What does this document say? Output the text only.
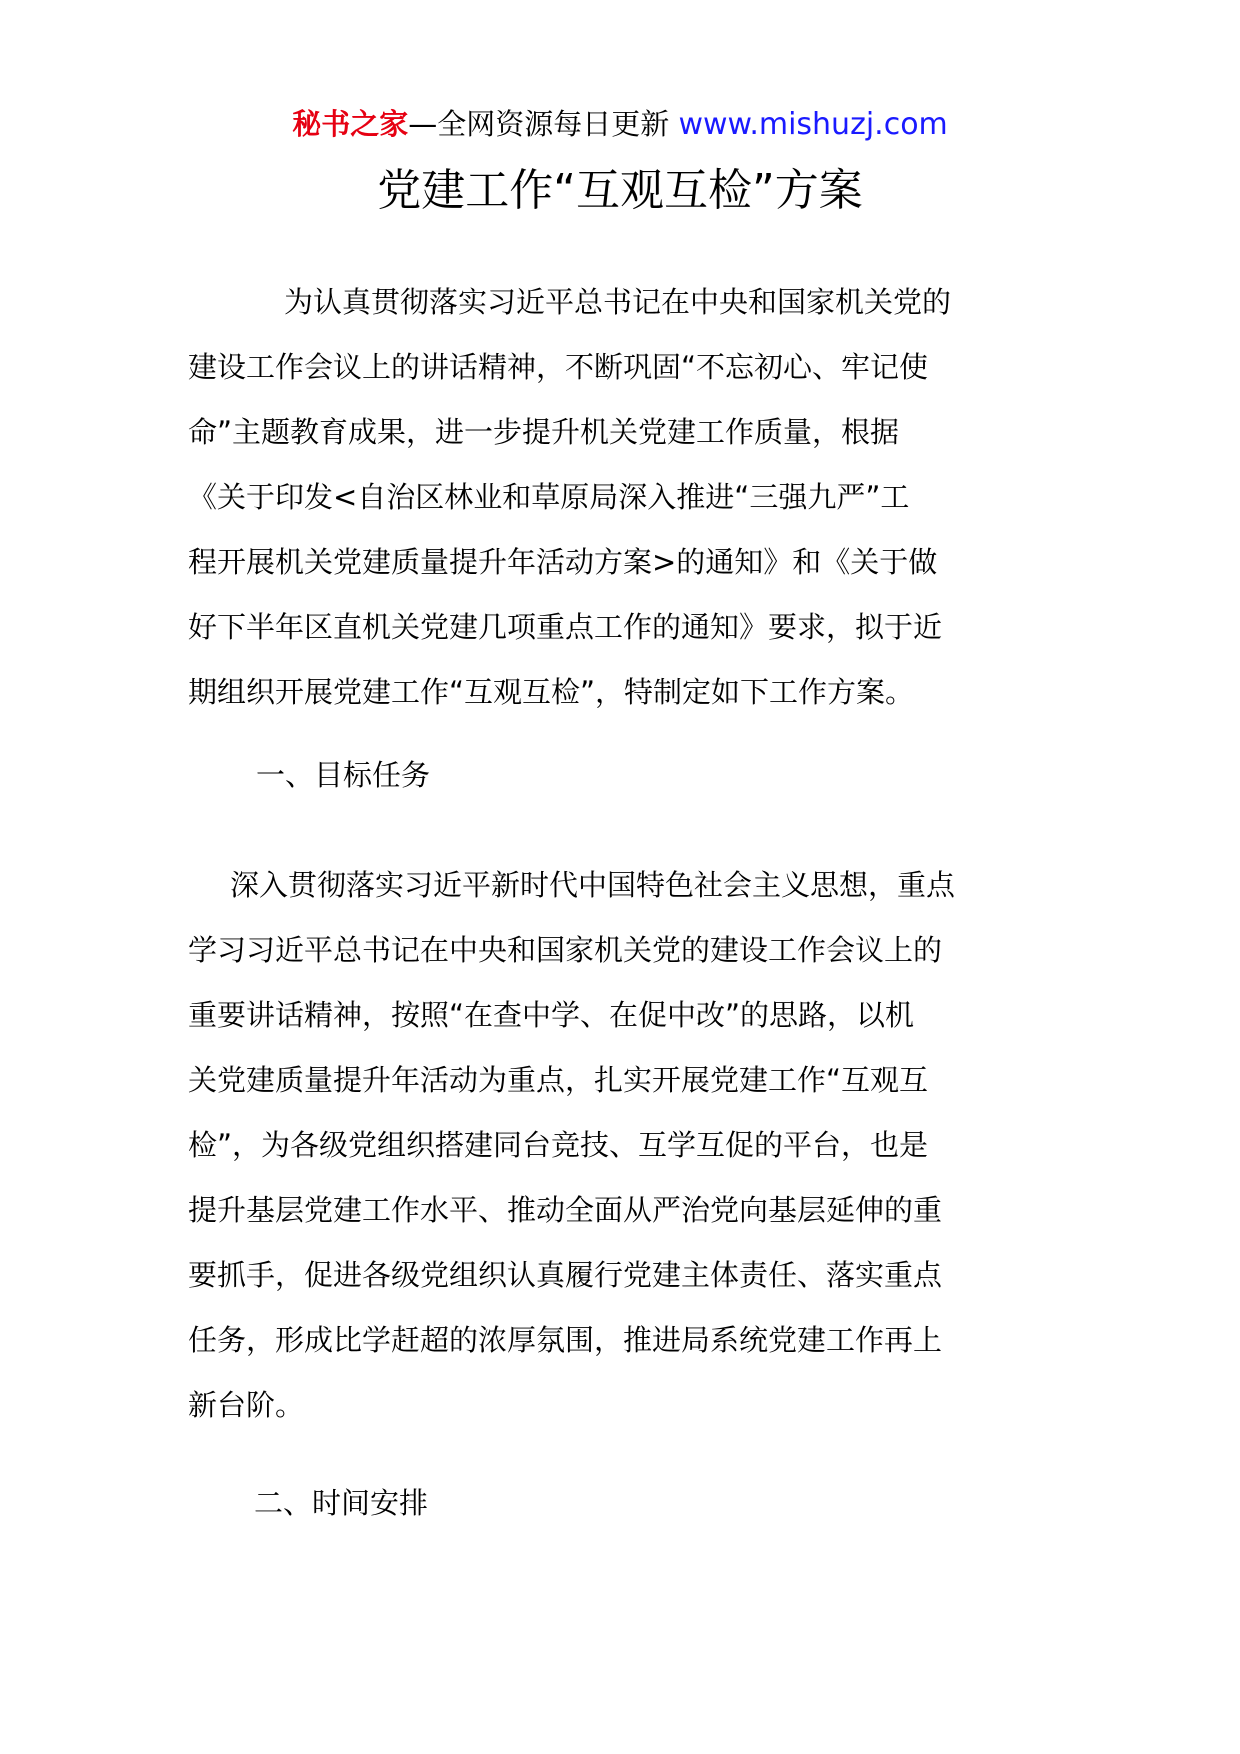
秘书之家—全网资源每日更新 www.mishuzj.com
党建工作“互观互检”方案
为认真贯彻落实习近平总书记在中央和国家机关党的
建设工作会议上的讲话精神，不断巩固“不忘初心、牢记使
命”主题教育成果，进一步提升机关党建工作质量，根据
《关于印发<自治区林业和草原局深入推进“三强九严”工
程开展机关党建质量提升年活动方案>的通知》和《关于做
好下半年区直机关党建几项重点工作的通知》要求，拟于近
期组织开展党建工作“互观互检”，特制定如下工作方案。
一、目标任务
深入贯彻落实习近平新时代中国特色社会主义思想，重点
学习习近平总书记在中央和国家机关党的建设工作会议上的
重要讲话精神，按照“在查中学、在促中改”的思路，以机
关党建质量提升年活动为重点，扎实开展党建工作“互观互
检”，为各级党组织搭建同台竞技、互学互促的平台，也是
提升基层党建工作水平、推动全面从严治党向基层延伸的重
要抓手，促进各级党组织认真履行党建主体责任、落实重点
任务，形成比学赶超的浓厚氛围，推进局系统党建工作再上
新台阶。
二、时间安排
